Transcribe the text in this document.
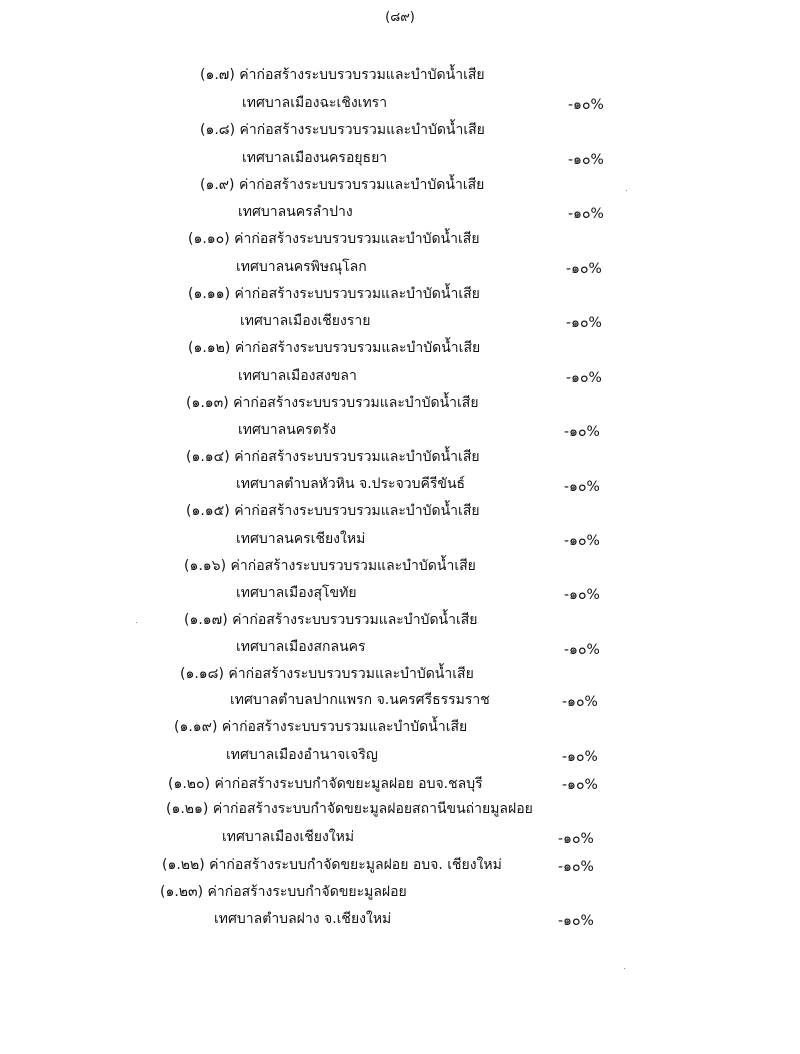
(๘๙)
(๑.๗) ค่าก่อสร้างระบบรวบรวมและบำบัดน้ำเสีย
เทศบาลเมืองฉะเชิงเทรา	-๑๐%
(๑.๘) ค่าก่อสร้างระบบรวบรวมและบำบัดน้ำเสีย
เทศบาลเมืองนครอยุธยา	-๑๐%
(๑.๙) ค่าก่อสร้างระบบรวบรวมและบำบัดน้ำเสีย
เทศบาลนครลำปาง	-๑๐%
(๑.๑๐) ค่าก่อสร้างระบบรวบรวมและบำบัดน้ำเสีย
เทศบาลนครพิษณุโลก	-๑๐%
(๑.๑๑) ค่าก่อสร้างระบบรวบรวมและบำบัดน้ำเสีย
เทศบาลเมืองเชียงราย	-๑๐%
(๑.๑๒) ค่าก่อสร้างระบบรวบรวมและบำบัดน้ำเสีย
เทศบาลเมืองสงขลา	-๑๐%
(๑.๑๓) ค่าก่อสร้างระบบรวบรวมและบำบัดน้ำเสีย
เทศบาลนครตรัง	-๑๐%
(๑.๑๔) ค่าก่อสร้างระบบรวบรวมและบำบัดน้ำเสีย
เทศบาลตำบลหัวหิน จ.ประจวบคีรีขันธ์	-๑๐%
(๑.๑๕) ค่าก่อสร้างระบบรวบรวมและบำบัดน้ำเสีย
เทศบาลนครเชียงใหม่	-๑๐%
(๑.๑๖) ค่าก่อสร้างระบบรวบรวมและบำบัดน้ำเสีย
เทศบาลเมืองสุโขทัย	-๑๐%
(๑.๑๗) ค่าก่อสร้างระบบรวบรวมและบำบัดน้ำเสีย
เทศบาลเมืองสกลนคร	-๑๐%
(๑.๑๘) ค่าก่อสร้างระบบรวบรวมและบำบัดน้ำเสีย
เทศบาลตำบลปากแพรก จ.นครศรีธรรมราช	-๑๐%
(๑.๑๙) ค่าก่อสร้างระบบรวบรวมและบำบัดน้ำเสีย
เทศบาลเมืองอำนาจเจริญ	-๑๐%
(๑.๒๐) ค่าก่อสร้างระบบกำจัดขยะมูลฝอย อบจ.ชลบุรี	-๑๐%
(๑.๒๑) ค่าก่อสร้างระบบกำจัดขยะมูลฝอยสถานีขนถ่ายมูลฝอย
เทศบาลเมืองเชียงใหม่	-๑๐%
(๑.๒๒) ค่าก่อสร้างระบบกำจัดขยะมูลฝอย อบจ. เชียงใหม่	-๑๐%
(๑.๒๓) ค่าก่อสร้างระบบกำจัดขยะมูลฝอย
เทศบาลตำบลฝาง จ.เชียงใหม่	-๑๐%
